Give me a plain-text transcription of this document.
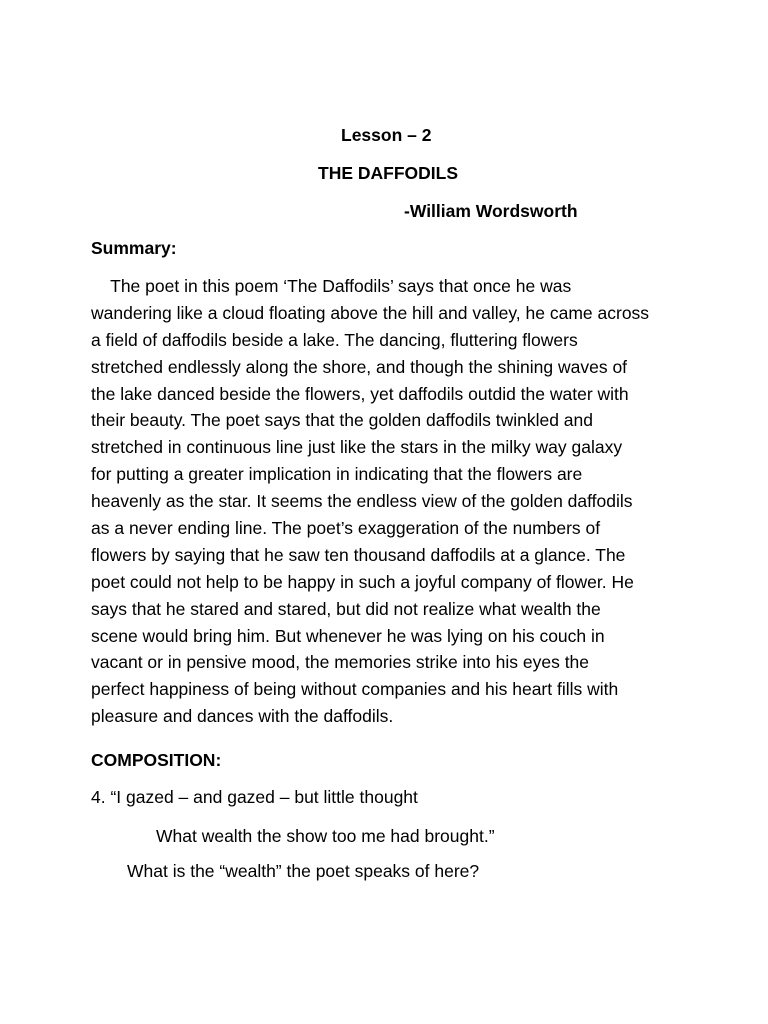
Lesson – 2
THE DAFFODILS
-William Wordsworth
Summary:
The poet in this poem ‘The Daffodils’ says that once he was
wandering like a cloud floating above the hill and valley, he came across
a field of daffodils beside a lake. The dancing, fluttering flowers
stretched endlessly along the shore, and though the shining waves of
the lake danced beside the flowers, yet daffodils outdid the water with
their beauty. The poet says that the golden daffodils twinkled and
stretched in continuous line just like the stars in the milky way galaxy
for putting a greater implication in indicating that the flowers are
heavenly as the star. It seems the endless view of the golden daffodils
as a never ending line. The poet’s exaggeration of the numbers of
flowers by saying that he saw ten thousand daffodils at a glance. The
poet could not help to be happy in such a joyful company of flower. He
says that he stared and stared, but did not realize what wealth the
scene would bring him. But whenever he was lying on his couch in
vacant or in pensive mood, the memories strike into his eyes the
perfect happiness of being without companies and his heart fills with
pleasure and dances with the daffodils.
COMPOSITION:
4. “I gazed – and gazed – but little thought
What wealth the show too me had brought.”
What is the “wealth” the poet speaks of here?
